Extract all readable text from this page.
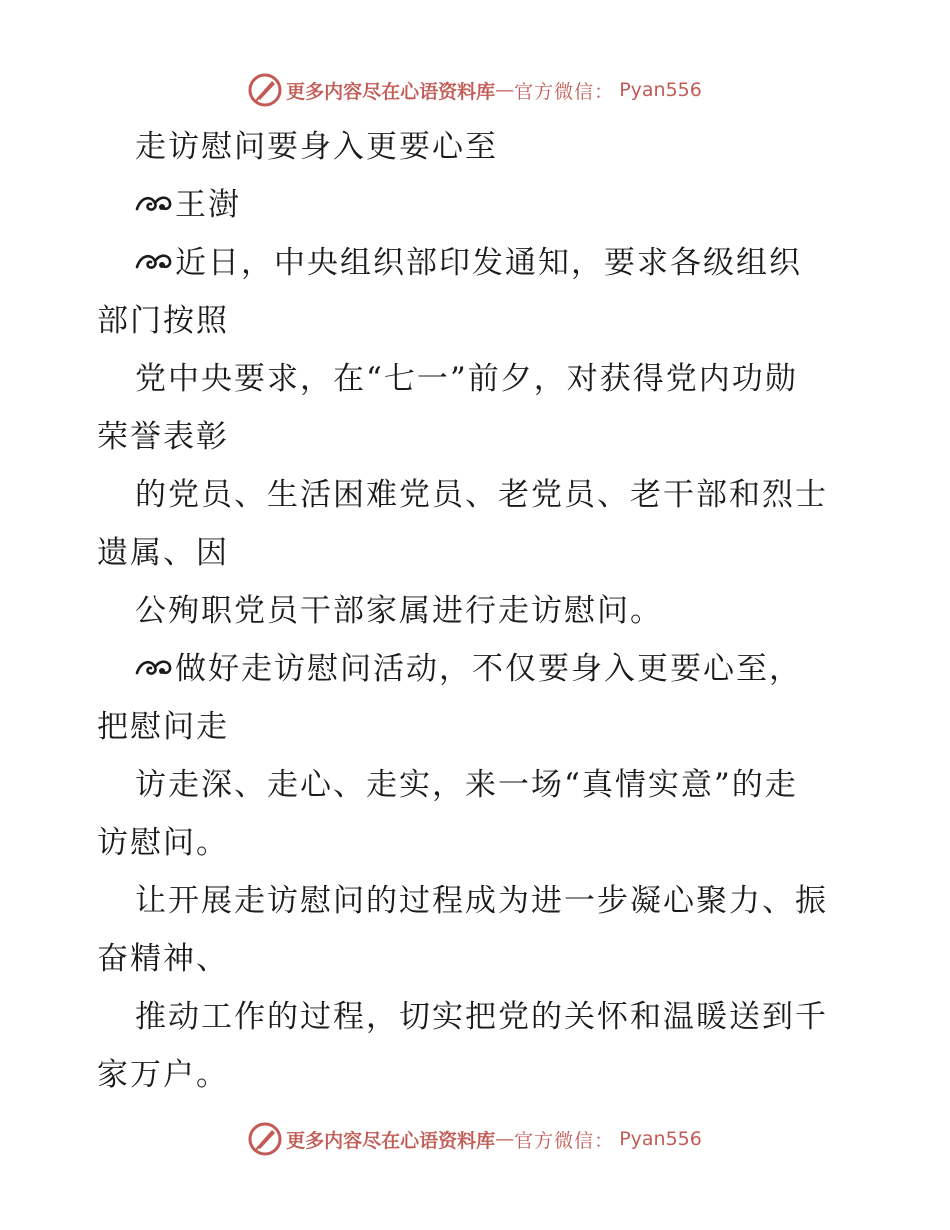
更多内容尽在心语资料库 — 官方微信 ： Pyan556
走访慰问要身入更要心至
王澍
近日，中央组织部印发通知，要求各级组织
部门按照
党中央要求，在“七一”前夕，对获得党内功勋
荣誉表彰
的党员、生活困难党员、老党员、老干部和烈士
遗属、因
公殉职党员干部家属进行走访慰问。
做好走访慰问活动，不仅要身入更要心至，
把慰问走
访走深、走心、走实，来一场“真情实意”的走
访慰问。
让开展走访慰问的过程成为进一步凝心聚力、振
奋精神、
推动工作的过程，切实把党的关怀和温暖送到千
家万户。
更多内容尽在心语资料库 — 官方微信 ： Pyan556
